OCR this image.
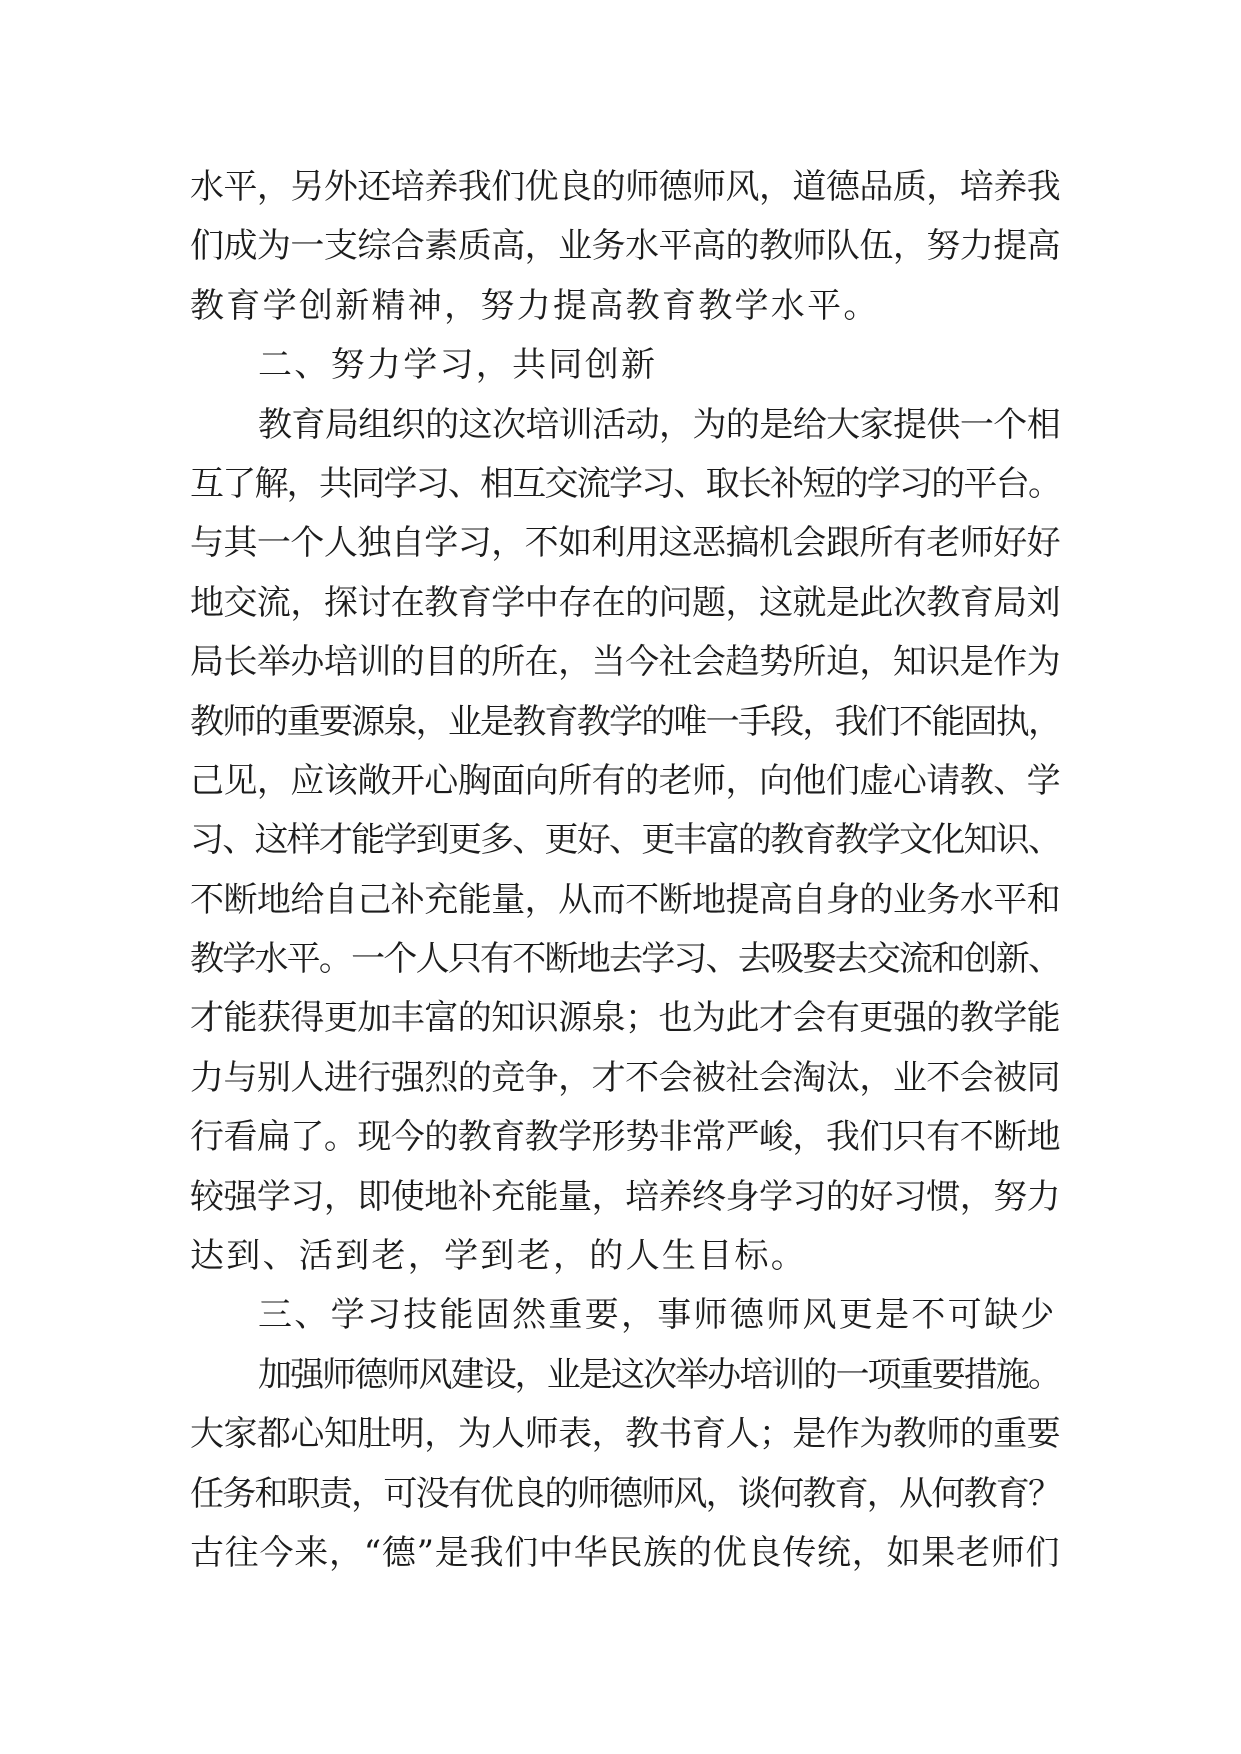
水平，另外还培养我们优良的师德师风，道德品质，培养我
们成为一支综合素质高，业务水平高的教师队伍，努力提高
教育学创新精神，努力提高教育教学水平。
二、努力学习，共同创新
教育局组织的这次培训活动，为的是给大家提供一个相
互了解，共同学习、相互交流学习、取长补短的学习的平台。
与其一个人独自学习，不如利用这恶搞机会跟所有老师好好
地交流，探讨在教育学中存在的问题，这就是此次教育局刘
局长举办培训的目的所在，当今社会趋势所迫，知识是作为
教师的重要源泉，业是教育教学的唯一手段，我们不能固执，
己见，应该敞开心胸面向所有的老师，向他们虚心请教、学
习、这样才能学到更多、更好、更丰富的教育教学文化知识、
不断地给自己补充能量，从而不断地提高自身的业务水平和
教学水平。一个人只有不断地去学习、去吸娶去交流和创新、
才能获得更加丰富的知识源泉；也为此才会有更强的教学能
力与别人进行强烈的竞争，才不会被社会淘汰，业不会被同
行看扁了。现今的教育教学形势非常严峻，我们只有不断地
较强学习，即使地补充能量，培养终身学习的好习惯，努力
达到、活到老，学到老，的人生目标。
三、学习技能固然重要，事师德师风更是不可缺少
加强师德师风建设，业是这次举办培训的一项重要措施。
大家都心知肚明，为人师表，教书育人；是作为教师的重要
任务和职责，可没有优良的师德师风，谈何教育，从何教育？
古往今来，“德”是我们中华民族的优良传统，如果老师们
